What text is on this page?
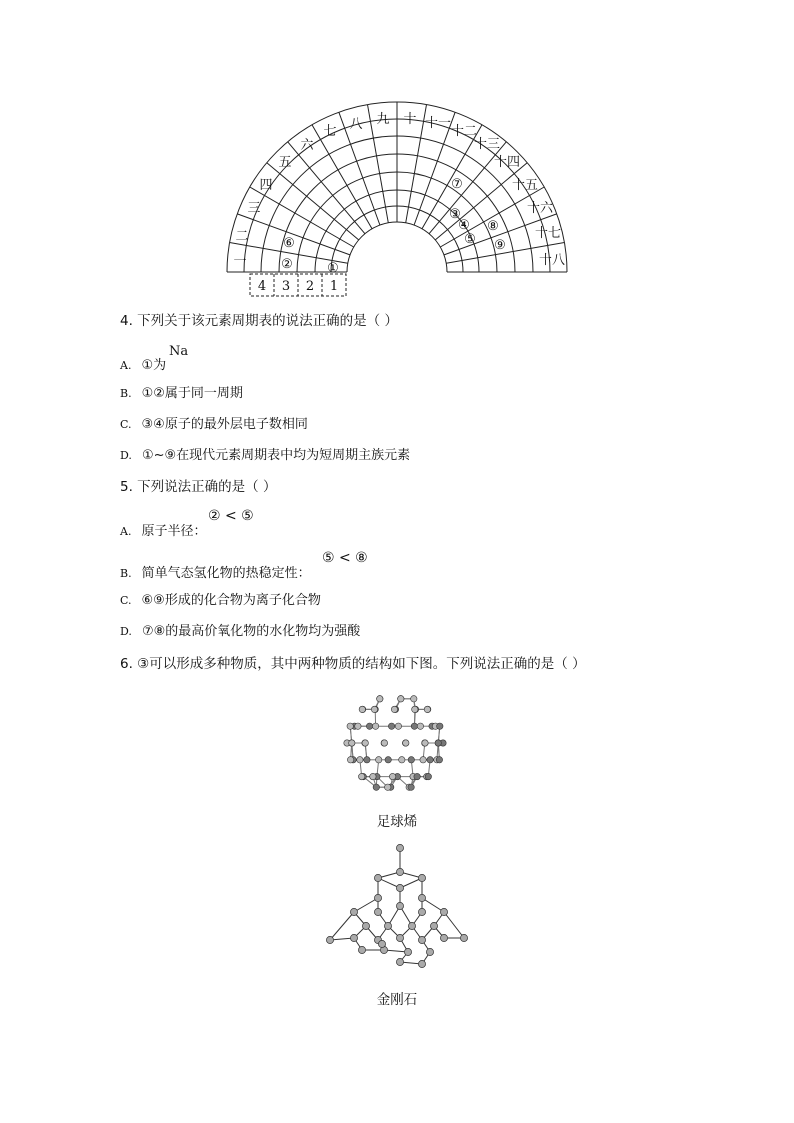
4 3 2 1
一
二
三
四
五
六
七 八 九 十 十一
十二
十三
十四
十五
十六
十七
十八
①
②
③
④
⑤
⑥
⑦
⑧
⑨
4. 下列关于该元素周期表的说法正确的是（ ）
A. ①为
Na
B. ①②属于同一周期
C. ③④原子的最外层电子数相同
D. ①~⑨在现代元素周期表中均为短周期主族元素
5. 下列说法正确的是（ ）
A. 原子半径：
② < ⑤
B. 简单气态氢化物的热稳定性：
⑤ < ⑧
C. ⑥⑨形成的化合物为离子化合物
D. ⑦⑧的最高价氧化物的水化物均为强酸
6. ③可以形成多种物质，其中两种物质的结构如下图。下列说法正确的是（ ）
足球烯
金刚石
